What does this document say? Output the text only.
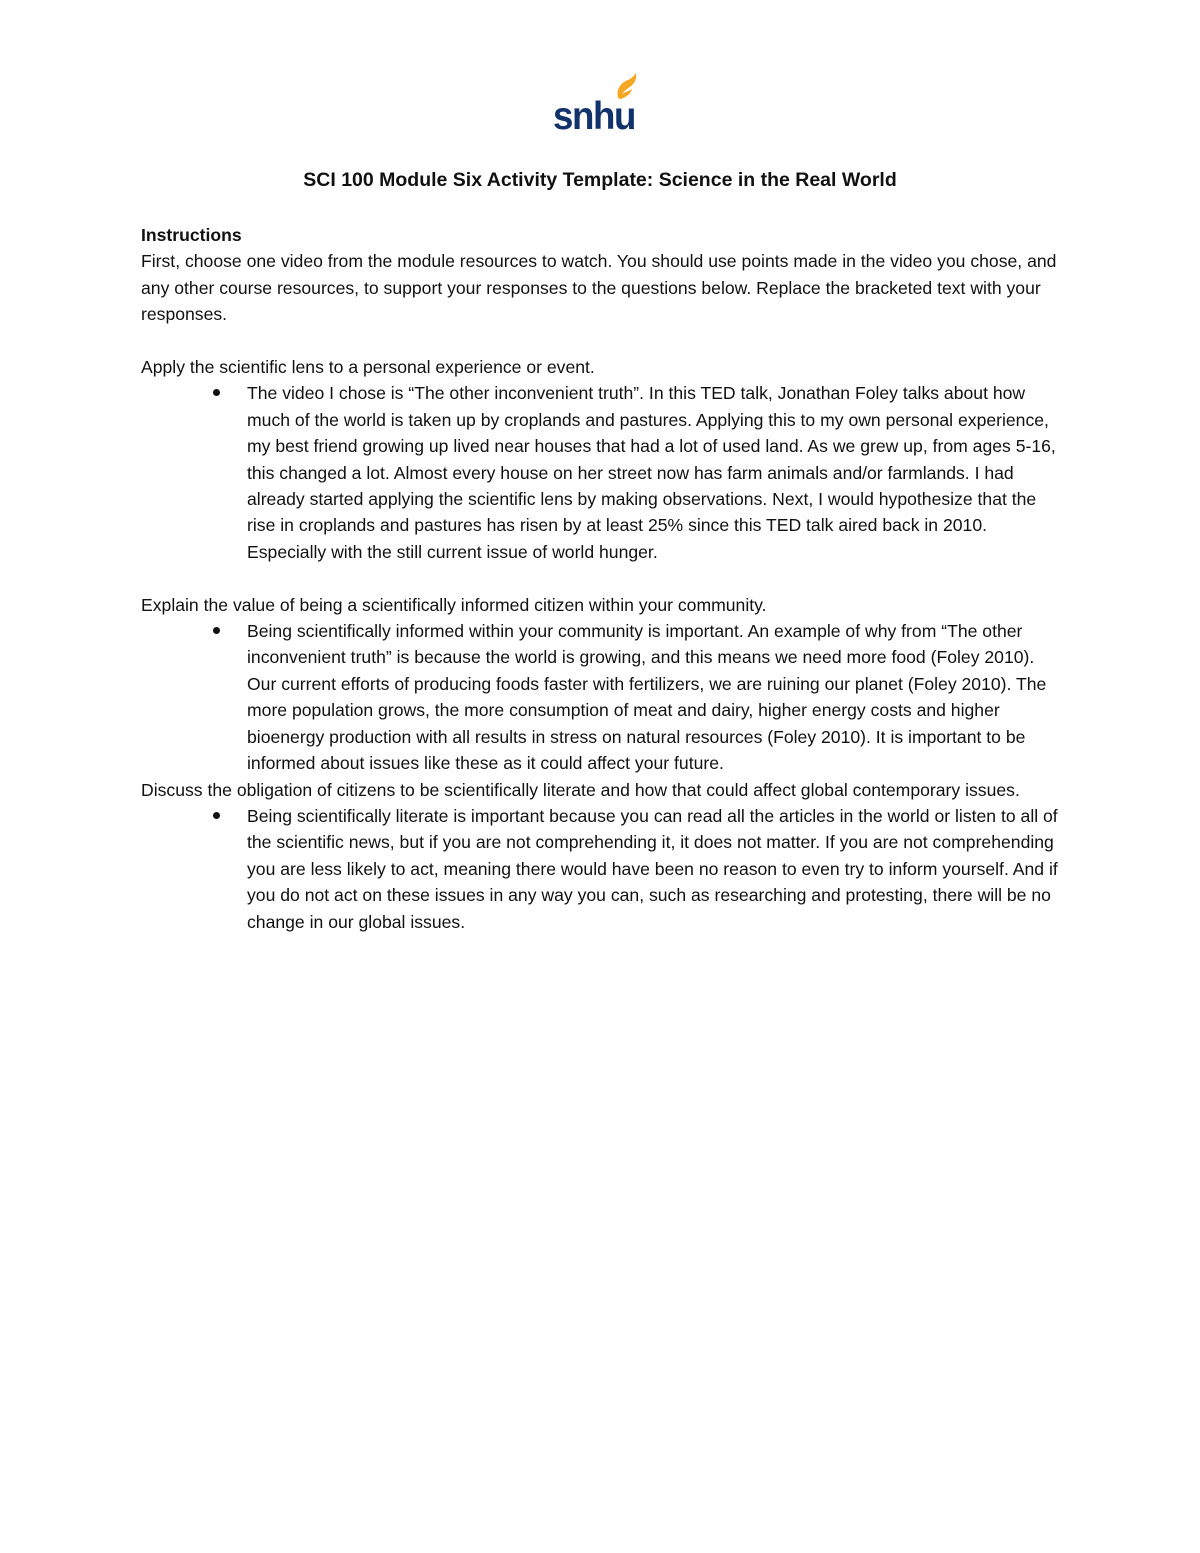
snhu
SCI 100 Module Six Activity Template: Science in the Real World

Instructions

First, choose one video from the module resources to watch. You should use points made in the video you chose, and any other course resources, to support your responses to the questions below. Replace the bracketed text with your responses.

Apply the scientific lens to a personal experience or event.

The video I chose is “The other inconvenient truth”. In this TED talk, Jonathan Foley talks about how much of the world is taken up by croplands and pastures. Applying this to my own personal experience, my best friend growing up lived near houses that had a lot of used land. As we grew up, from ages 5-16, this changed a lot. Almost every house on her street now has farm animals and/or farmlands. I had already started applying the scientific lens by making observations. Next, I would hypothesize that the rise in croplands and pastures has risen by at least 25% since this TED talk aired back in 2010. Especially with the still current issue of world hunger.

Explain the value of being a scientifically informed citizen within your community.

Being scientifically informed within your community is important. An example of why from “The other inconvenient truth” is because the world is growing, and this means we need more food (Foley 2010). Our current efforts of producing foods faster with fertilizers, we are ruining our planet (Foley 2010). The more population grows, the more consumption of meat and dairy, higher energy costs and higher bioenergy production with all results in stress on natural resources (Foley 2010). It is important to be informed about issues like these as it could affect your future.

Discuss the obligation of citizens to be scientifically literate and how that could affect global contemporary issues.

Being scientifically literate is important because you can read all the articles in the world or listen to all of the scientific news, but if you are not comprehending it, it does not matter. If you are not comprehending you are less likely to act, meaning there would have been no reason to even try to inform yourself. And if you do not act on these issues in any way you can, such as researching and protesting, there will be no change in our global issues.
